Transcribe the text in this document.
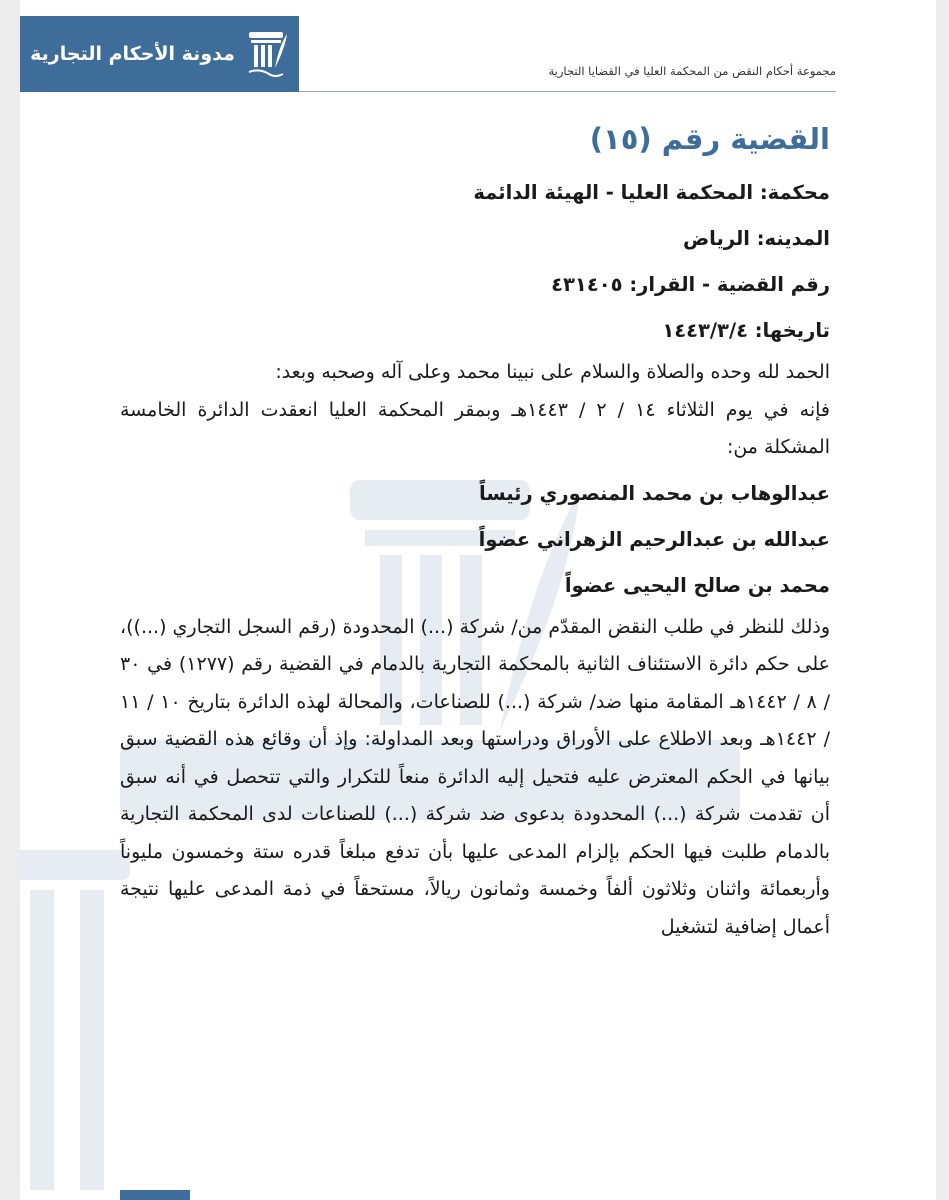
مدونة الأحكام التجارية
مجموعة أحكام النقض من المحكمة العليا في القضايا التجارية
القضية رقم (١٥)

محكمة: المحكمة العليا - الهيئة الدائمة

المدينه: الرياض

رقم القضية - القرار: ٤٣١٤٠٥

تاريخها: ١٤٤٣/٣/٤

الحمد لله وحده والصلاة والسلام على نبينا محمد وعلى آله وصحبه وبعد:

فإنه في يوم الثلاثاء ١٤ / ٢ / ١٤٤٣هـ وبمقر المحكمة العليا انعقدت الدائرة الخامسة المشكلة من:

عبدالوهاب بن محمد المنصوري رئيساً

عبدالله بن عبدالرحيم الزهراني عضواً

محمد بن صالح اليحيى عضواً

وذلك للنظر في طلب النقض المقدّم من/ شركة (...) المحدودة (رقم السجل التجاري (...))، على حكم دائرة الاستئناف الثانية بالمحكمة التجارية بالدمام في القضية رقم (١٢٧٧) في ٣٠ / ٨ / ١٤٤٢هـ المقامة منها ضد/ شركة (...) للصناعات، والمحالة لهذه الدائرة بتاريخ ١٠ / ١١ / ١٤٤٢هـ وبعد الاطلاع على الأوراق ودراستها وبعد المداولة: وإذ أن وقائع هذه القضية سبق بيانها في الحكم المعترض عليه فتحيل إليه الدائرة منعاً للتكرار والتي تتحصل في أنه سبق أن تقدمت شركة (...) المحدودة بدعوى ضد شركة (...) للصناعات لدى المحكمة التجارية بالدمام طلبت فيها الحكم بإلزام المدعى عليها بأن تدفع مبلغاً قدره ستة وخمسون مليوناً وأربعمائة واثنان وثلاثون ألفاً وخمسة وثمانون ريالاً، مستحقاً في ذمة المدعى عليها نتيجة أعمال إضافية لتشغيل
